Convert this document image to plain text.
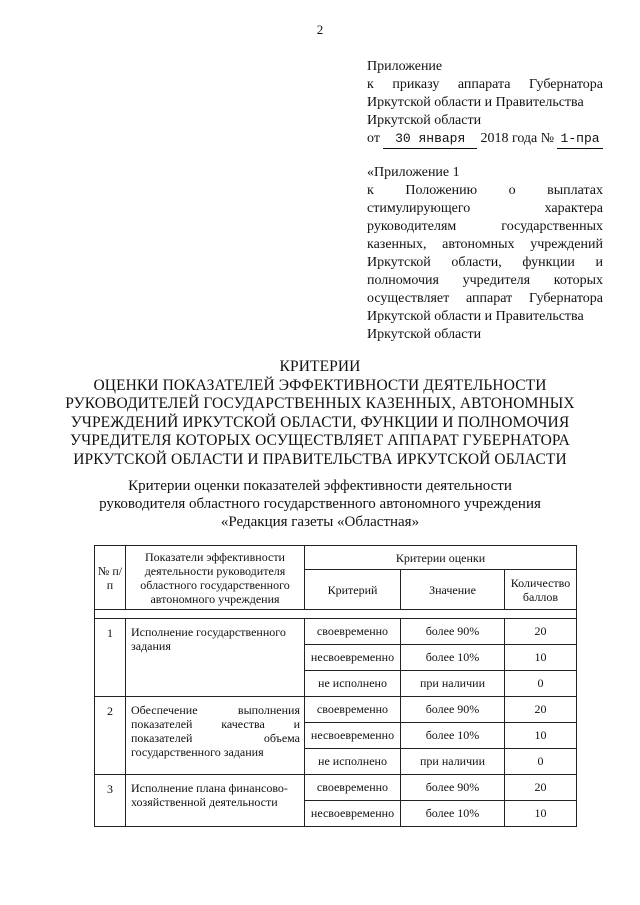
2
Приложение
к приказу аппарата Губернатора
Иркутской области и Правительства
Иркутской области
от	30 января	2018 года № 1-пра
«Приложение 1
к Положению о выплатах
стимулирующего характера
руководителям государственных
казенных, автономных учреждений
Иркутской области, функции и
полномочия учредителя которых
осуществляет аппарат Губернатора
Иркутской области и Правительства
Иркутской области
КРИТЕРИИ
ОЦЕНКИ ПОКАЗАТЕЛЕЙ ЭФФЕКТИВНОСТИ ДЕЯТЕЛЬНОСТИ
РУКОВОДИТЕЛЕЙ ГОСУДАРСТВЕННЫХ КАЗЕННЫХ, АВТОНОМНЫХ
УЧРЕЖДЕНИЙ ИРКУТСКОЙ ОБЛАСТИ, ФУНКЦИИ И ПОЛНОМОЧИЯ
УЧРЕДИТЕЛЯ КОТОРЫХ ОСУЩЕСТВЛЯЕТ АППАРАТ ГУБЕРНАТОРА
ИРКУТСКОЙ ОБЛАСТИ И ПРАВИТЕЛЬСТВА ИРКУТСКОЙ ОБЛАСТИ
Критерии оценки показателей эффективности деятельности
руководителя областного государственного автономного учреждения
«Редакция газеты «Областная»
№ п/п	Показатели эффективности деятельности руководителя областного государственного автономного учреждения	Критерии оценки		
		Критерий	Значение	Количество баллов

1	Исполнение государственного задания	своевременно	более 90%	20
		несвоевременно	более 10%	10
		не исполнено	при наличии	0
2	Обеспечение выполнения показателей качества и показателей объема государственного задания	своевременно	более 90%	20
		несвоевременно	более 10%	10
		не исполнено	при наличии	0
3	Исполнение плана финансово-хозяйственной деятельности	своевременно	более 90%	20
		несвоевременно	более 10%	10
